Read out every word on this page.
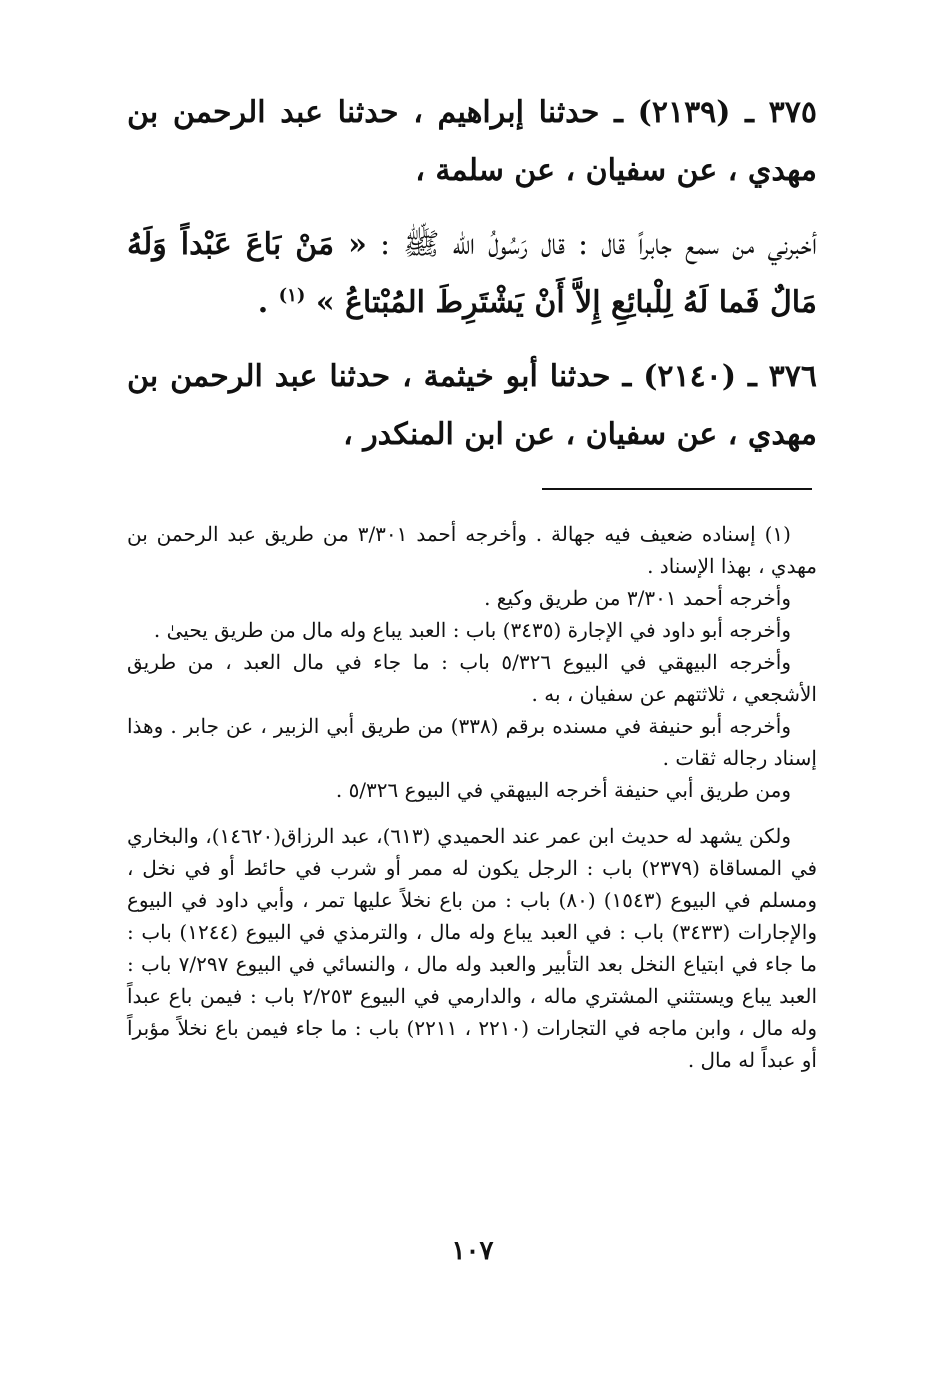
٣٧٥ ـ (٢١٣٩) ـ حدثنا إبراهيم ، حدثنا عبد الرحمن بن مهدي ، عن سفيان ، عن سلمة ،
أخبرني من سمع جابراً قال : قال رَسُولُ الله ﷺ : « مَنْ بَاعَ عَبْداً وَلَهُ مَالٌ فَما لَهُ لِلْبائِعِ إِلاَّ أَنْ يَشْتَرِطَ المُبْتاعُ » $^{(١)}$ .
٣٧٦ ـ (٢١٤٠) ـ حدثنا أبو خيثمة ، حدثنا عبد الرحمن بن مهدي ، عن سفيان ، عن ابن المنكدر ،

(١) إسناده ضعيف فيه جهالة . وأخرجه أحمد ٣/٣٠١ من طريق عبد الرحمن بن مهدي ، بهذا الإسناد .

وأخرجه أحمد ٣/٣٠١ من طريق وكيع .

وأخرجه أبو داود في الإجارة (٣٤٣٥) باب : العبد يباع وله مال من طريق يحيىٰ .

وأخرجه البيهقي في البيوع ٥/٣٢٦ باب : ما جاء في مال العبد ، من طريق الأشجعي ، ثلاثتهم عن سفيان ، به .

وأخرجه أبو حنيفة في مسنده برقم (٣٣٨) من طريق أبي الزبير ، عن جابر . وهذا إسناد رجاله ثقات .

ومن طريق أبي حنيفة أخرجه البيهقي في البيوع ٥/٣٢٦ .

ولكن يشهد له حديث ابن عمر عند الحميدي (٦١٣)، عبد الرزاق(١٤٦٢٠)، والبخاري في المساقاة (٢٣٧٩) باب : الرجل يكون له ممر أو شرب في حائط أو في نخل ، ومسلم في البيوع (١٥٤٣) (٨٠) باب : من باع نخلاً عليها تمر ، وأبي داود في البيوع والإجارات (٣٤٣٣) باب : في العبد يباع وله مال ، والترمذي في البيوع (١٢٤٤) باب : ما جاء في ابتياع النخل بعد التأبير والعبد وله مال ، والنسائي في البيوع ٧/٢٩٧ باب : العبد يباع ويستثني المشتري ماله ، والدارمي في البيوع ٢/٢٥٣ باب : فيمن باع عبداً وله مال ، وابن ماجه في التجارات (٢٢١٠ ، ٢٢١١) باب : ما جاء فيمن باع نخلاً مؤبراً أو عبداً له مال .

١٠٧
